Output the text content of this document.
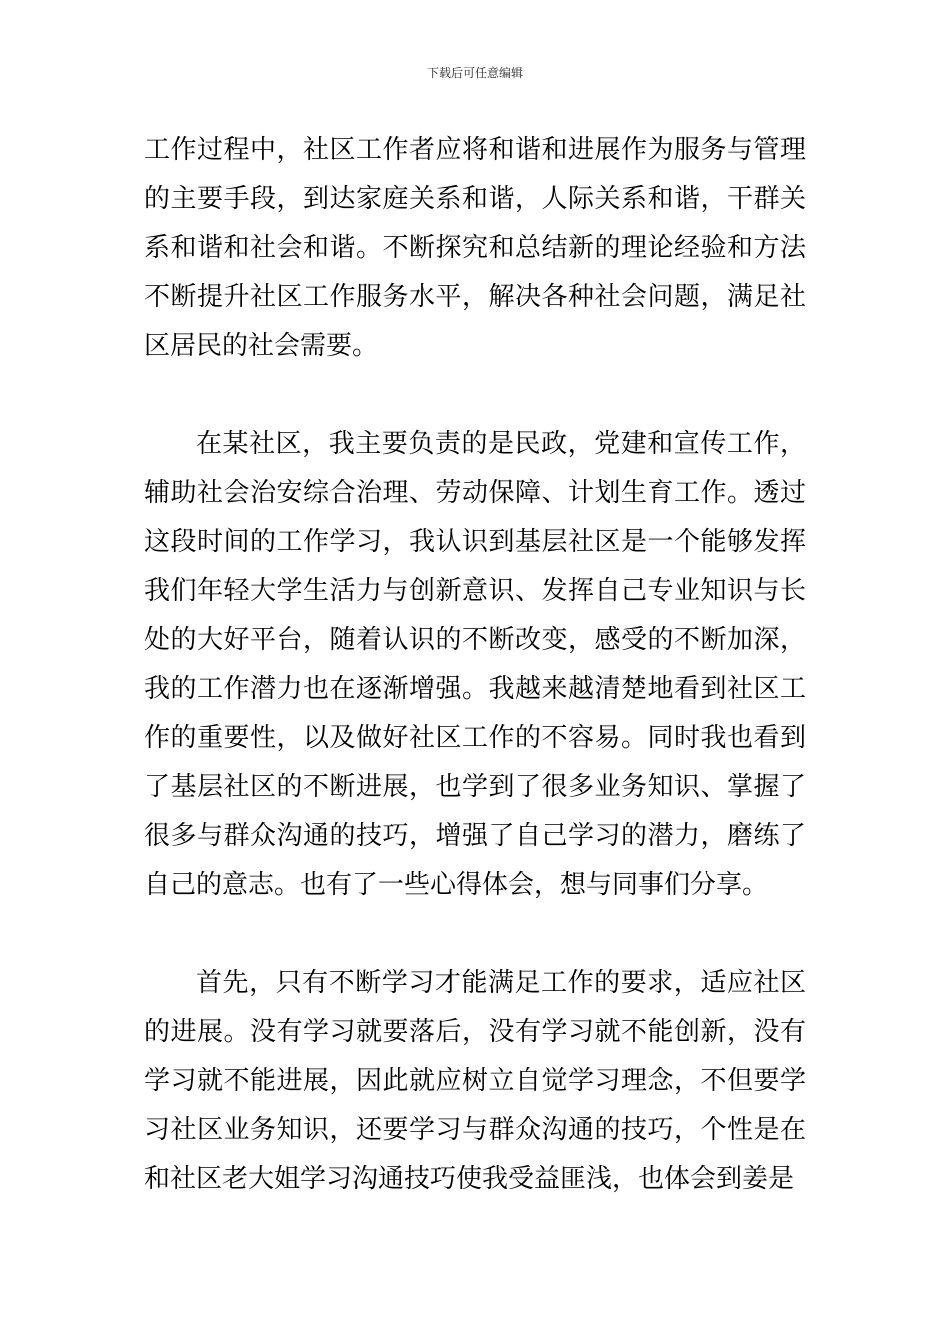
下载后可任意编辑

工作过程中，社区工作者应将和谐和进展作为服务与管理的主要手段，到达家庭关系和谐，人际关系和谐，干群关系和谐和社会和谐。不断探究和总结新的理论经验和方法不断提升社区工作服务水平，解决各种社会问题，满足社区居民的社会需要。

在某社区，我主要负责的是民政，党建和宣传工作，辅助社会治安综合治理、劳动保障、计划生育工作。透过这段时间的工作学习，我认识到基层社区是一个能够发挥我们年轻大学生活力与创新意识、发挥自己专业知识与长处的大好平台，随着认识的不断改变，感受的不断加深，我的工作潜力也在逐渐增强。我越来越清楚地看到社区工作的重要性，以及做好社区工作的不容易。同时我也看到了基层社区的不断进展，也学到了很多业务知识、掌握了很多与群众沟通的技巧，增强了自己学习的潜力，磨练了自己的意志。也有了一些心得体会，想与同事们分享。

首先，只有不断学习才能满足工作的要求，适应社区的进展。没有学习就要落后，没有学习就不能创新，没有学习就不能进展，因此就应树立自觉学习理念，不但要学习社区业务知识，还要学习与群众沟通的技巧，个性是在和社区老大姐学习沟通技巧使我受益匪浅，也体会到姜是
